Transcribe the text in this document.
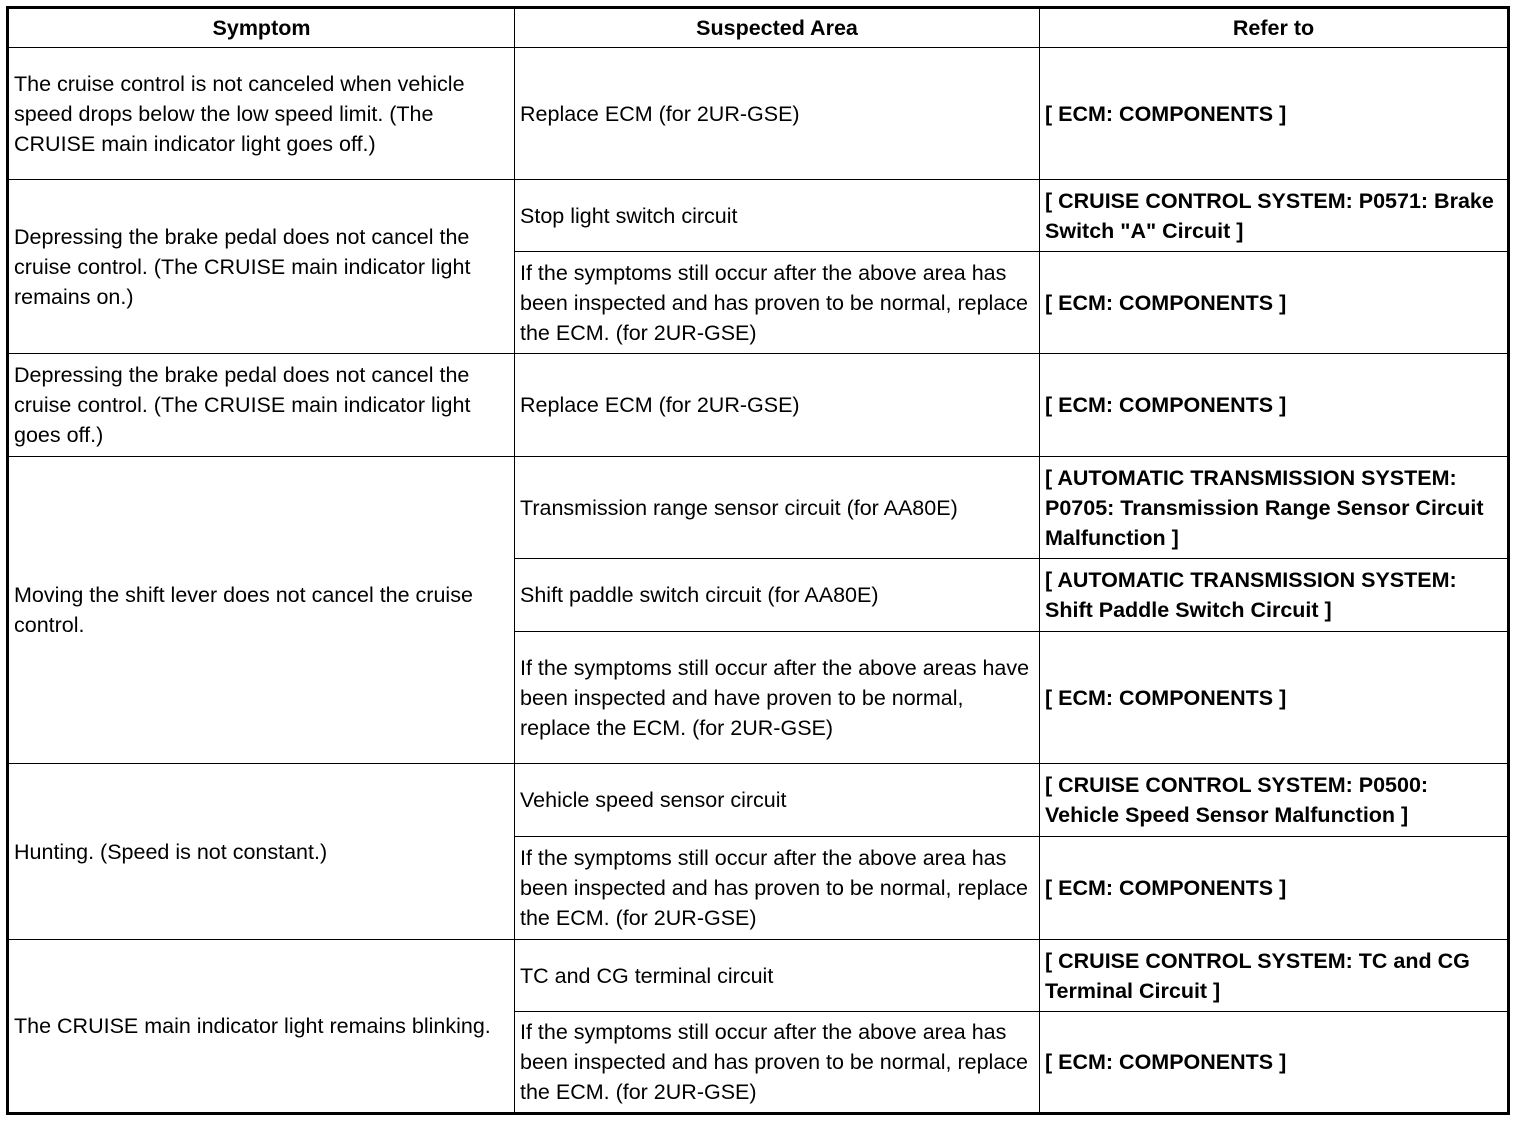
Symptom	Suspected Area	Refer to
The cruise control is not canceled when vehicle speed drops below the low speed limit. (The CRUISE main indicator light goes off.)	Replace ECM (for 2UR-GSE)	[ ECM: COMPONENTS ]
Depressing the brake pedal does not cancel the cruise control. (The CRUISE main indicator light remains on.)	Stop light switch circuit	[ CRUISE CONTROL SYSTEM: P0571: Brake Switch "A" Circuit ]
	If the symptoms still occur after the above area has been inspected and has proven to be normal, replace the ECM. (for 2UR-GSE)	[ ECM: COMPONENTS ]
Depressing the brake pedal does not cancel the cruise control. (The CRUISE main indicator light goes off.)	Replace ECM (for 2UR-GSE)	[ ECM: COMPONENTS ]
Moving the shift lever does not cancel the cruise control.	Transmission range sensor circuit (for AA80E)	[ AUTOMATIC TRANSMISSION SYSTEM: P0705: Transmission Range Sensor Circuit Malfunction ]
	Shift paddle switch circuit (for AA80E)	[ AUTOMATIC TRANSMISSION SYSTEM: Shift Paddle Switch Circuit ]
	If the symptoms still occur after the above areas have been inspected and have proven to be normal, replace the ECM. (for 2UR-GSE)	[ ECM: COMPONENTS ]
Hunting. (Speed is not constant.)	Vehicle speed sensor circuit	[ CRUISE CONTROL SYSTEM: P0500: Vehicle Speed Sensor Malfunction ]
	If the symptoms still occur after the above area has been inspected and has proven to be normal, replace the ECM. (for 2UR-GSE)	[ ECM: COMPONENTS ]
The CRUISE main indicator light remains blinking.	TC and CG terminal circuit	[ CRUISE CONTROL SYSTEM: TC and CG Terminal Circuit ]
	If the symptoms still occur after the above area has been inspected and has proven to be normal, replace the ECM. (for 2UR-GSE)	[ ECM: COMPONENTS ]
